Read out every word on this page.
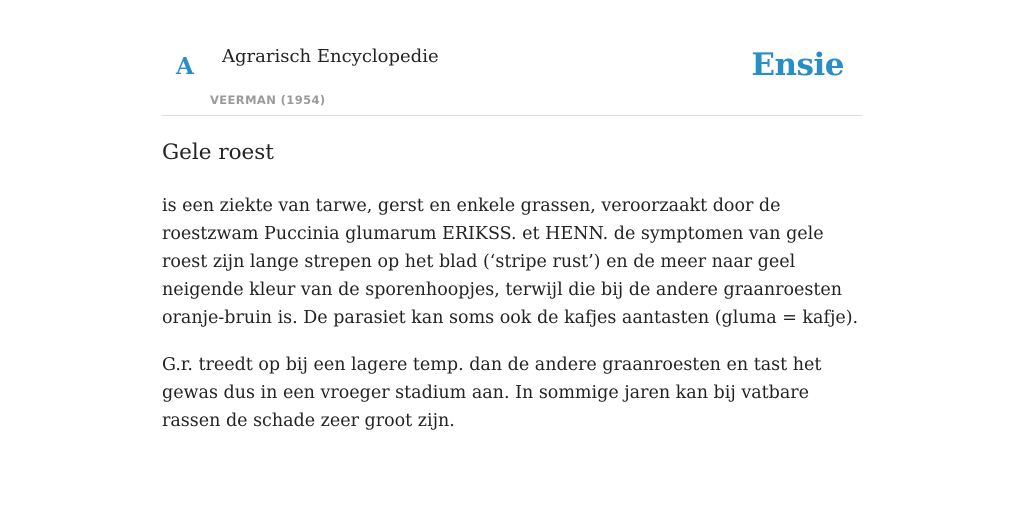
A Agrarisch Encyclopedie
VEERMAN (1954)
Ensie
Gele roest

is een ziekte van tarwe, gerst en enkele grassen, veroorzaakt door de roestzwam Puccinia glumarum ERIKSS. et HENN. de symptomen van gele roest zijn lange strepen op het blad (‘stripe rust’) en de meer naar geel neigende kleur van de sporenhoopjes, terwijl die bij de andere graanroesten oranje-bruin is. De parasiet kan soms ook de kafjes aantasten (gluma = kafje).

G.r. treedt op bij een lagere temp. dan de andere graanroesten en tast het gewas dus in een vroeger stadium aan. In sommige jaren kan bij vatbare rassen de schade zeer groot zijn.
